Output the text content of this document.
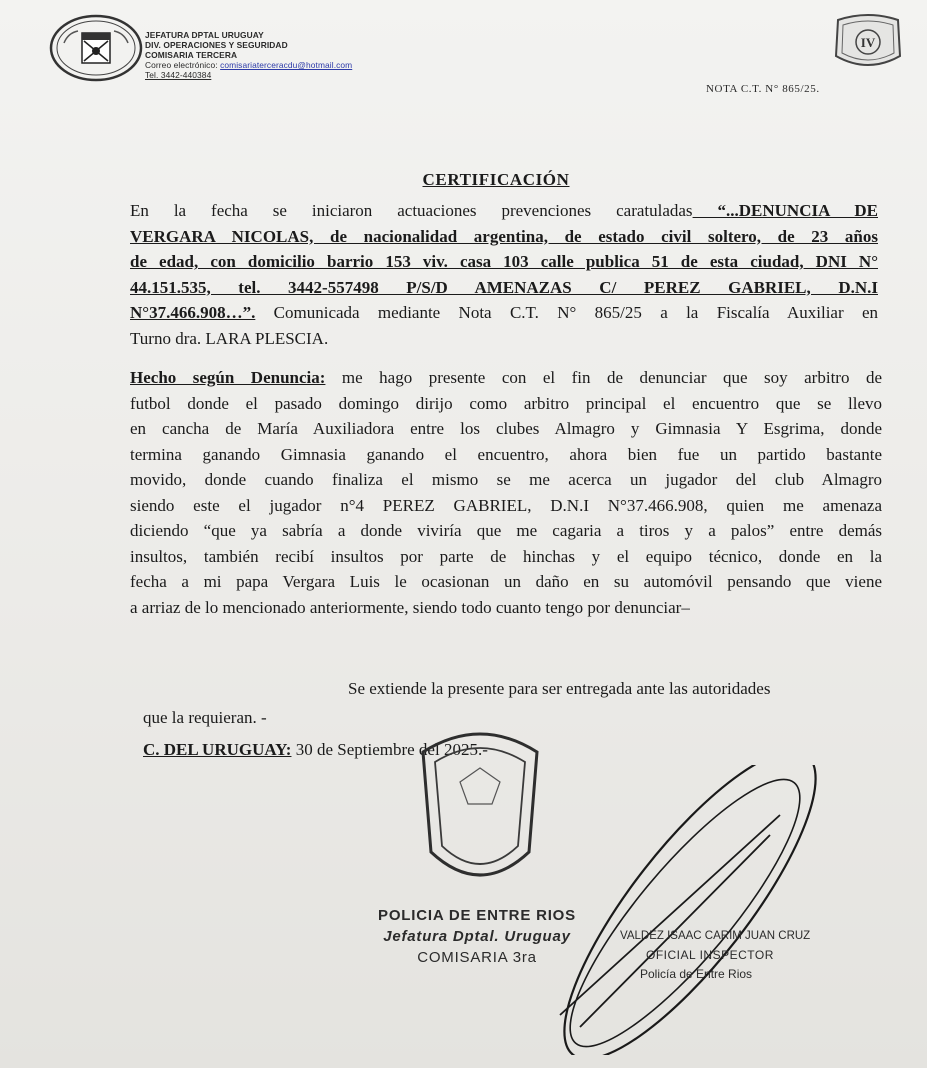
JEFATURA DPTAL URUGUAY
DIV. OPERACIONES Y SEGURIDAD
COMISARIA TERCERA
Correo electrónico: comisariatercer​acdu@hotmail.com
Tel. 3442-440384
IV
NOTA C.T. N° 865/25.
CERTIFICACIÓN
En la fecha se iniciaron actuaciones prevenciones caratuladas “...DENUNCIA DE
VERGARA NICOLAS, de nacionalidad argentina, de estado civil soltero, de 23 años
de edad, con domicilio barrio 153 viv. casa 103 calle publica 51 de esta ciudad, DNI N°
44.151.535, tel. 3442-557498 P/S/D AMENAZAS C/ PEREZ GABRIEL, D.N.I
N°37.466.908…”. Comunicada mediante Nota C.T. N° 865/25 a la Fiscalía Auxiliar en
Turno dra. LARA PLESCIA.
Hecho según Denuncia: me hago presente con el fin de denunciar que soy arbitro de
futbol donde el pasado domingo dirijo como arbitro principal el encuentro que se llevo
en cancha de María Auxiliadora entre los clubes Almagro y Gimnasia Y Esgrima, donde
termina ganando Gimnasia ganando el encuentro, ahora bien fue un partido bastante
movido, donde cuando finaliza el mismo se me acerca un jugador del club Almagro
siendo este el jugador n°4 PEREZ GABRIEL, D.N.I N°37.466.908, quien me amenaza
diciendo “que ya sabría a donde viviría que me cagaria a tiros y a palos” entre demás
insultos, también recibí insultos por parte de hinchas y el equipo técnico, donde en la
fecha a mi papa Vergara Luis le ocasionan un daño en su automóvil pensando que viene
a arriaz de lo mencionado anteriormente, siendo todo cuanto tengo por denunciar–
Se extiende la presente para ser entregada ante las autoridades
que la requieran. -
C. DEL URUGUAY: 30 de Septiembre del 2025.-
POLICIA DE ENTRE RIOS
Jefatura Dptal. Uruguay
COMISARIA 3ra
VALDEZ ISAAC CARIM JUAN CRUZ
OFICIAL INSPECTOR
Policía de Entre Rios
